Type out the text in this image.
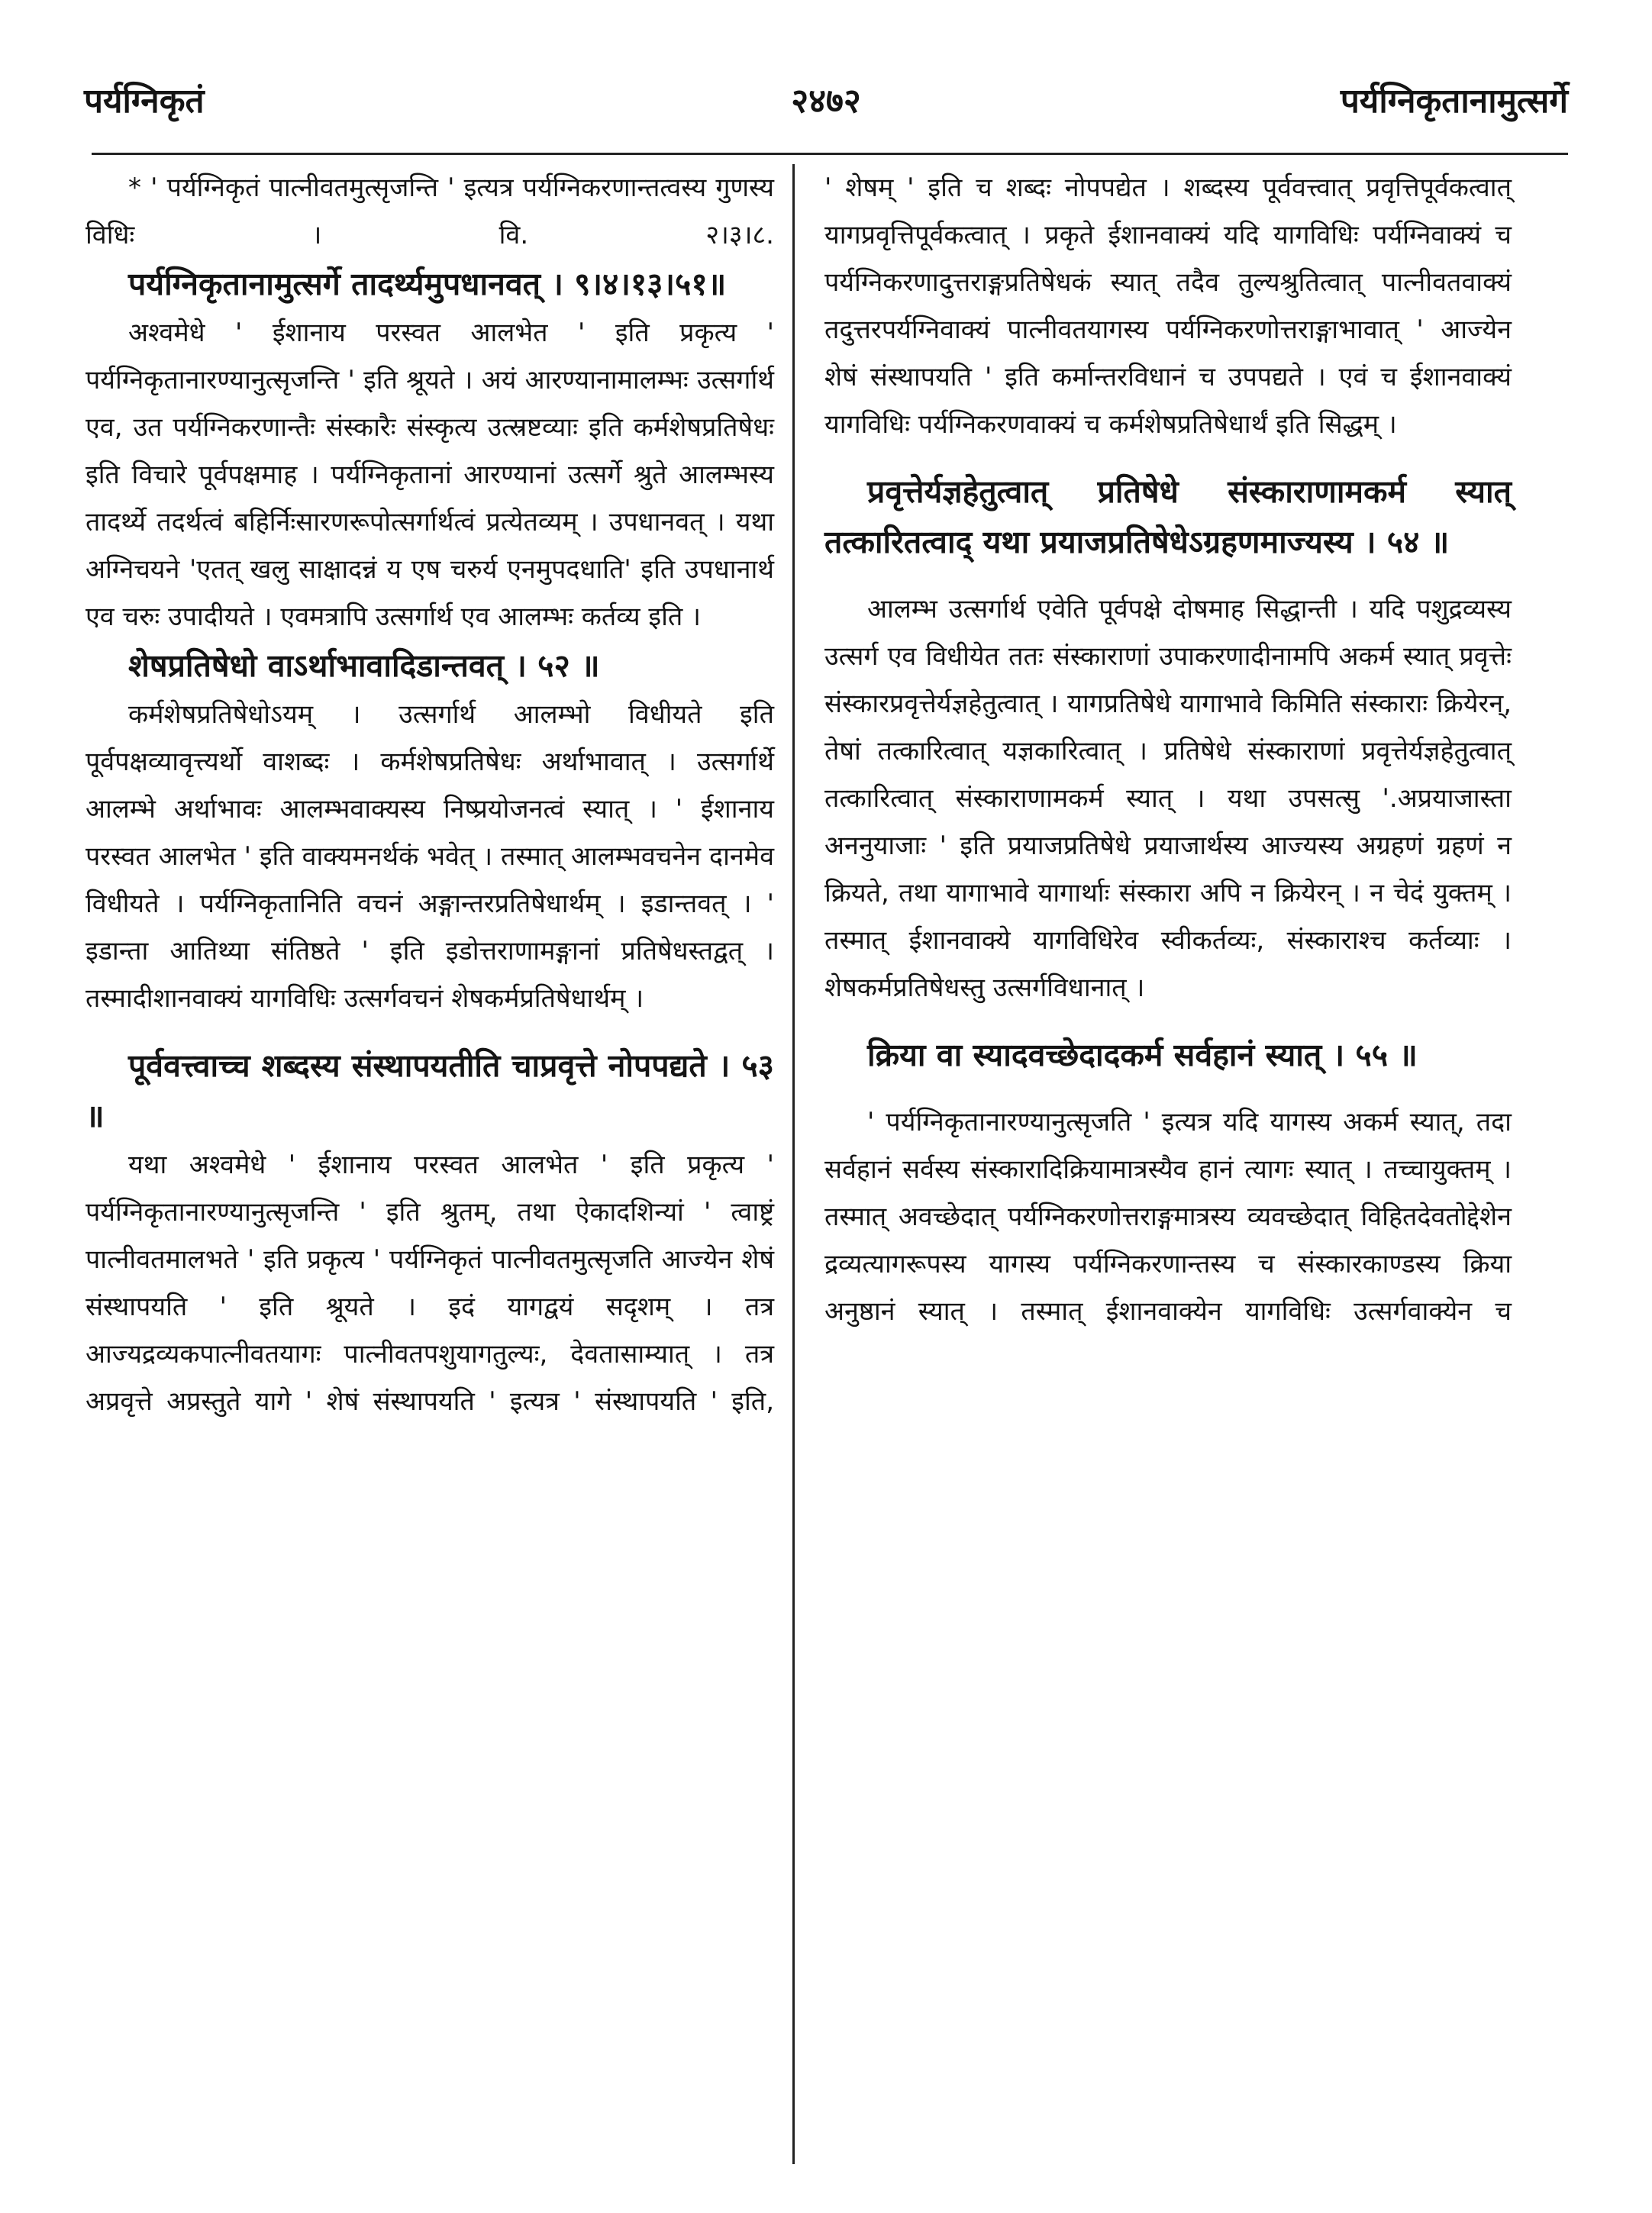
पर्यग्निकृतं	२४७२	पर्यग्निकृतानामुत्सर्गे

* ' पर्यग्निकृतं पात्नीवतमुत्सृजन्ति ' इत्यत्र पर्यग्निकरणान्तत्वस्य गुणस्य विधिः । वि. २।३।८.

पर्यग्निकृतानामुत्सर्गे तादर्थ्यमुपधानवत् । ९।४।१३।५१॥

अश्वमेधे ' ईशानाय परस्वत आलभेत ' इति प्रकृत्य ' पर्यग्निकृतानारण्यानुत्सृजन्ति ' इति श्रूयते । अयं आरण्यानामालम्भः उत्सर्गार्थ एव, उत पर्यग्निकरणान्तैः संस्कारैः संस्कृत्य उत्स्रष्टव्याः इति कर्मशेषप्रतिषेधः इति विचारे पूर्वपक्षमाह । पर्यग्निकृतानां आरण्यानां उत्सर्गे श्रुते आलम्भस्य तादर्थ्ये तदर्थत्वं बहिर्निःसारणरूपोत्सर्गार्थत्वं प्रत्येतव्यम् । उपधानवत् । यथा अग्निचयने 'एतत् खलु साक्षादन्नं य एष चरुर्य एनमुपदधाति' इति उपधानार्थ एव चरुः उपादीयते । एवमत्रापि उत्सर्गार्थ एव आलम्भः कर्तव्य इति ।

शेषप्रतिषेधो वाऽर्थाभावादिडान्तवत् । ५२ ॥

कर्मशेषप्रतिषेधोऽयम् । उत्सर्गार्थ आलम्भो विधीयते इति पूर्वपक्षव्यावृत्त्यर्थो वाशब्दः । कर्मशेषप्रतिषेधः अर्थाभावात् । उत्सर्गार्थे आलम्भे अर्थाभावः आलम्भवाक्यस्य निष्प्रयोजनत्वं स्यात् । ' ईशानाय परस्वत आलभेत ' इति वाक्यमनर्थकं भवेत् । तस्मात् आलम्भवचनेन दानमेव विधीयते । पर्यग्निकृतानिति वचनं अङ्गान्तरप्रतिषेधार्थम् । इडान्तवत् । ' इडान्ता आतिथ्या संतिष्ठते ' इति इडोत्तराणामङ्गानां प्रतिषेधस्तद्वत् । तस्मादीशानवाक्यं यागविधिः उत्सर्गवचनं शेषकर्मप्रतिषेधार्थम् ।

पूर्ववत्त्वाच्च शब्दस्य संस्थापयतीति चाप्रवृत्ते नोपपद्यते । ५३ ॥

यथा अश्वमेधे ' ईशानाय परस्वत आलभेत ' इति प्रकृत्य ' पर्यग्निकृतानारण्यानुत्सृजन्ति ' इति श्रुतम्, तथा ऐकादशिन्यां ' त्वाष्ट्रं पात्नीवतमालभते ' इति प्रकृत्य ' पर्यग्निकृतं पात्नीवतमुत्सृजति आज्येन शेषं संस्थापयति ' इति श्रूयते । इदं यागद्वयं सदृशम् । तत्र आज्यद्रव्यकपात्नीवतयागः पात्नीवतपशुयागतुल्यः, देवतासाम्यात् । तत्र अप्रवृत्ते अप्रस्तुते यागे ' शेषं संस्थापयति ' इत्यत्र ' संस्थापयति ' इति,

' शेषम् ' इति च शब्दः नोपपद्येत । शब्दस्य पूर्ववत्त्वात् प्रवृत्तिपूर्वकत्वात् यागप्रवृत्तिपूर्वकत्वात् । प्रकृते ईशानवाक्यं यदि यागविधिः पर्यग्निवाक्यं च पर्यग्निकरणादुत्तराङ्गप्रतिषेधकं स्यात् तदैव तुल्यश्रुतित्वात् पात्नीवतवाक्यं तदुत्तरपर्यग्निवाक्यं पात्नीवतयागस्य पर्यग्निकरणोत्तराङ्गाभावात् ' आज्येन शेषं संस्थापयति ' इति कर्मान्तरविधानं च उपपद्यते । एवं च ईशानवाक्यं यागविधिः पर्यग्निकरणवाक्यं च कर्मशेषप्रतिषेधार्थं इति सिद्धम् ।

प्रवृत्तेर्यज्ञहेतुत्वात् प्रतिषेधे संस्काराणामकर्म स्यात् तत्कारितत्वाद् यथा प्रयाजप्रतिषेधेऽग्रहणमाज्यस्य । ५४ ॥

आलम्भ उत्सर्गार्थ एवेति पूर्वपक्षे दोषमाह सिद्धान्ती । यदि पशुद्रव्यस्य उत्सर्ग एव विधीयेत ततः संस्काराणां उपाकरणादीनामपि अकर्म स्यात् प्रवृत्तेः संस्कारप्रवृत्तेर्यज्ञहेतुत्वात् । यागप्रतिषेधे यागाभावे किमिति संस्काराः क्रियेरन्, तेषां तत्कारित्वात् यज्ञकारित्वात् । प्रतिषेधे संस्काराणां प्रवृत्तेर्यज्ञहेतुत्वात् तत्कारित्वात् संस्काराणामकर्म स्यात् । यथा उपसत्सु '.अप्रयाजास्ता अननुयाजाः ' इति प्रयाजप्रतिषेधे प्रयाजार्थस्य आज्यस्य अग्रहणं ग्रहणं न क्रियते, तथा यागाभावे यागार्थाः संस्कारा अपि न क्रियेरन् । न चेदं युक्तम् । तस्मात् ईशानवाक्ये यागविधिरेव स्वीकर्तव्यः, संस्काराश्च कर्तव्याः । शेषकर्मप्रतिषेधस्तु उत्सर्गविधानात् ।

क्रिया वा स्यादवच्छेदादकर्म सर्वहानं स्यात् । ५५ ॥

' पर्यग्निकृतानारण्यानुत्सृजति ' इत्यत्र यदि यागस्य अकर्म स्यात्, तदा सर्वहानं सर्वस्य संस्कारादिक्रियामात्रस्यैव हानं त्यागः स्यात् । तच्चायुक्तम् । तस्मात् अवच्छेदात् पर्यग्निकरणोत्तराङ्गमात्रस्य व्यवच्छेदात् विहितदेवतोद्देशेन द्रव्यत्यागरूपस्य यागस्य पर्यग्निकरणान्तस्य च संस्कारकाण्डस्य क्रिया अनुष्ठानं स्यात् । तस्मात् ईशानवाक्येन यागविधिः उत्सर्गवाक्येन च
